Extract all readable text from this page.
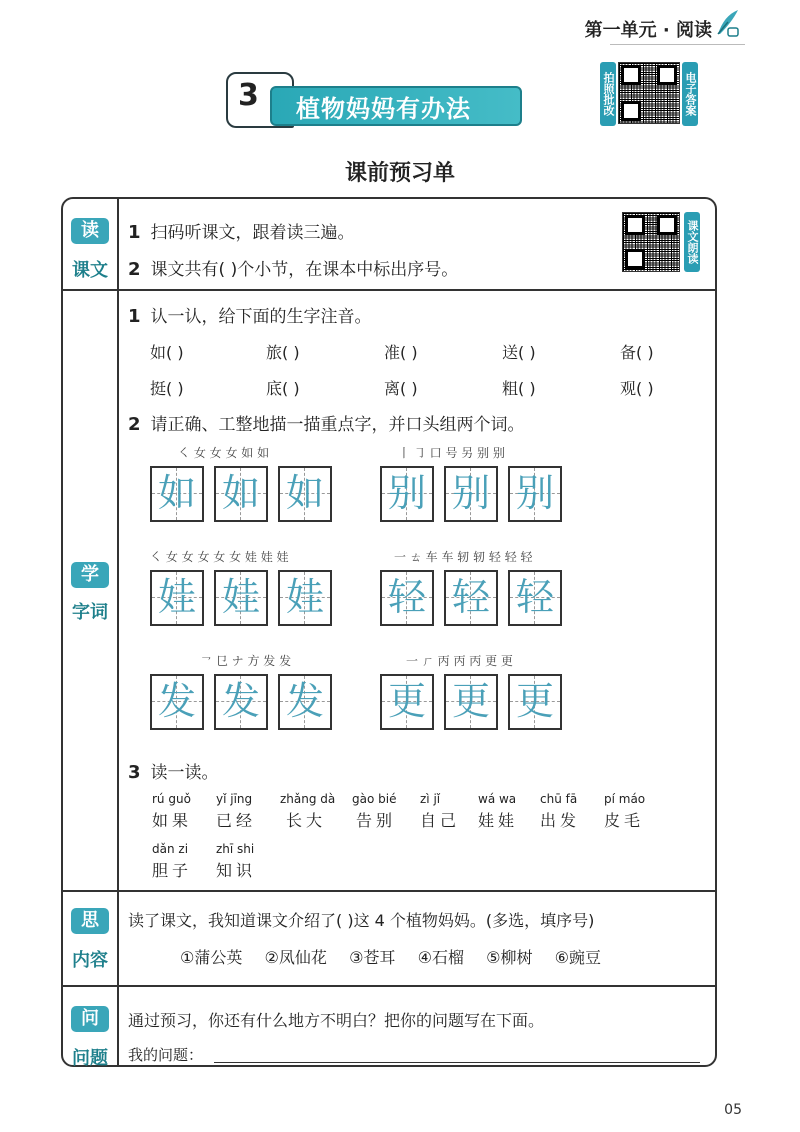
第一单元 · 阅读
3 植物妈妈有办法	拍照批改	电子答案
课前预习单
读
课文
1 扫码听课文，跟着读三遍。
2 课文共有( )个小节，在课本中标出序号。
课文朗读
学
字词
1 认一认，给下面的生字注音。
如( )	旅( )	准( )	送( )	备( )
挺( )	底( )	离( )	粗( )	观( )
2 请正确、工整地描一描重点字，并口头组两个词。
㇛ 女 女 女 如 如	丨 ㇆ 口 号 另 别 别
㇛ 女 女 女 女 女 娃 娃 娃	一 ㄊ 车 车 轫 轫 轻 轻 轻
㇖ 㔾 ナ 方 发 发	一 ㄏ 丙 丙 丙 更 更
如 如 如 别 别 别
娃 娃 娃 轻 轻 轻
发 发 发 更 更 更
3 读一读。
rú guǒ
如果
yǐ jīng
已经
zhǎng dà
长大
gào bié
告别
zì jǐ
自己
wá wa
娃娃
chū fā
出发
pí máo
皮毛
dǎn zi
胆子
zhī shi
知识
思
内容
读了课文，我知道课文介绍了( )这 4 个植物妈妈。(多选，填序号)
①蒲公英 ②凤仙花 ③苍耳 ④石榴 ⑤柳树 ⑥豌豆
问
问题
通过预习，你还有什么地方不明白？把你的问题写在下面。
我的问题：
05
